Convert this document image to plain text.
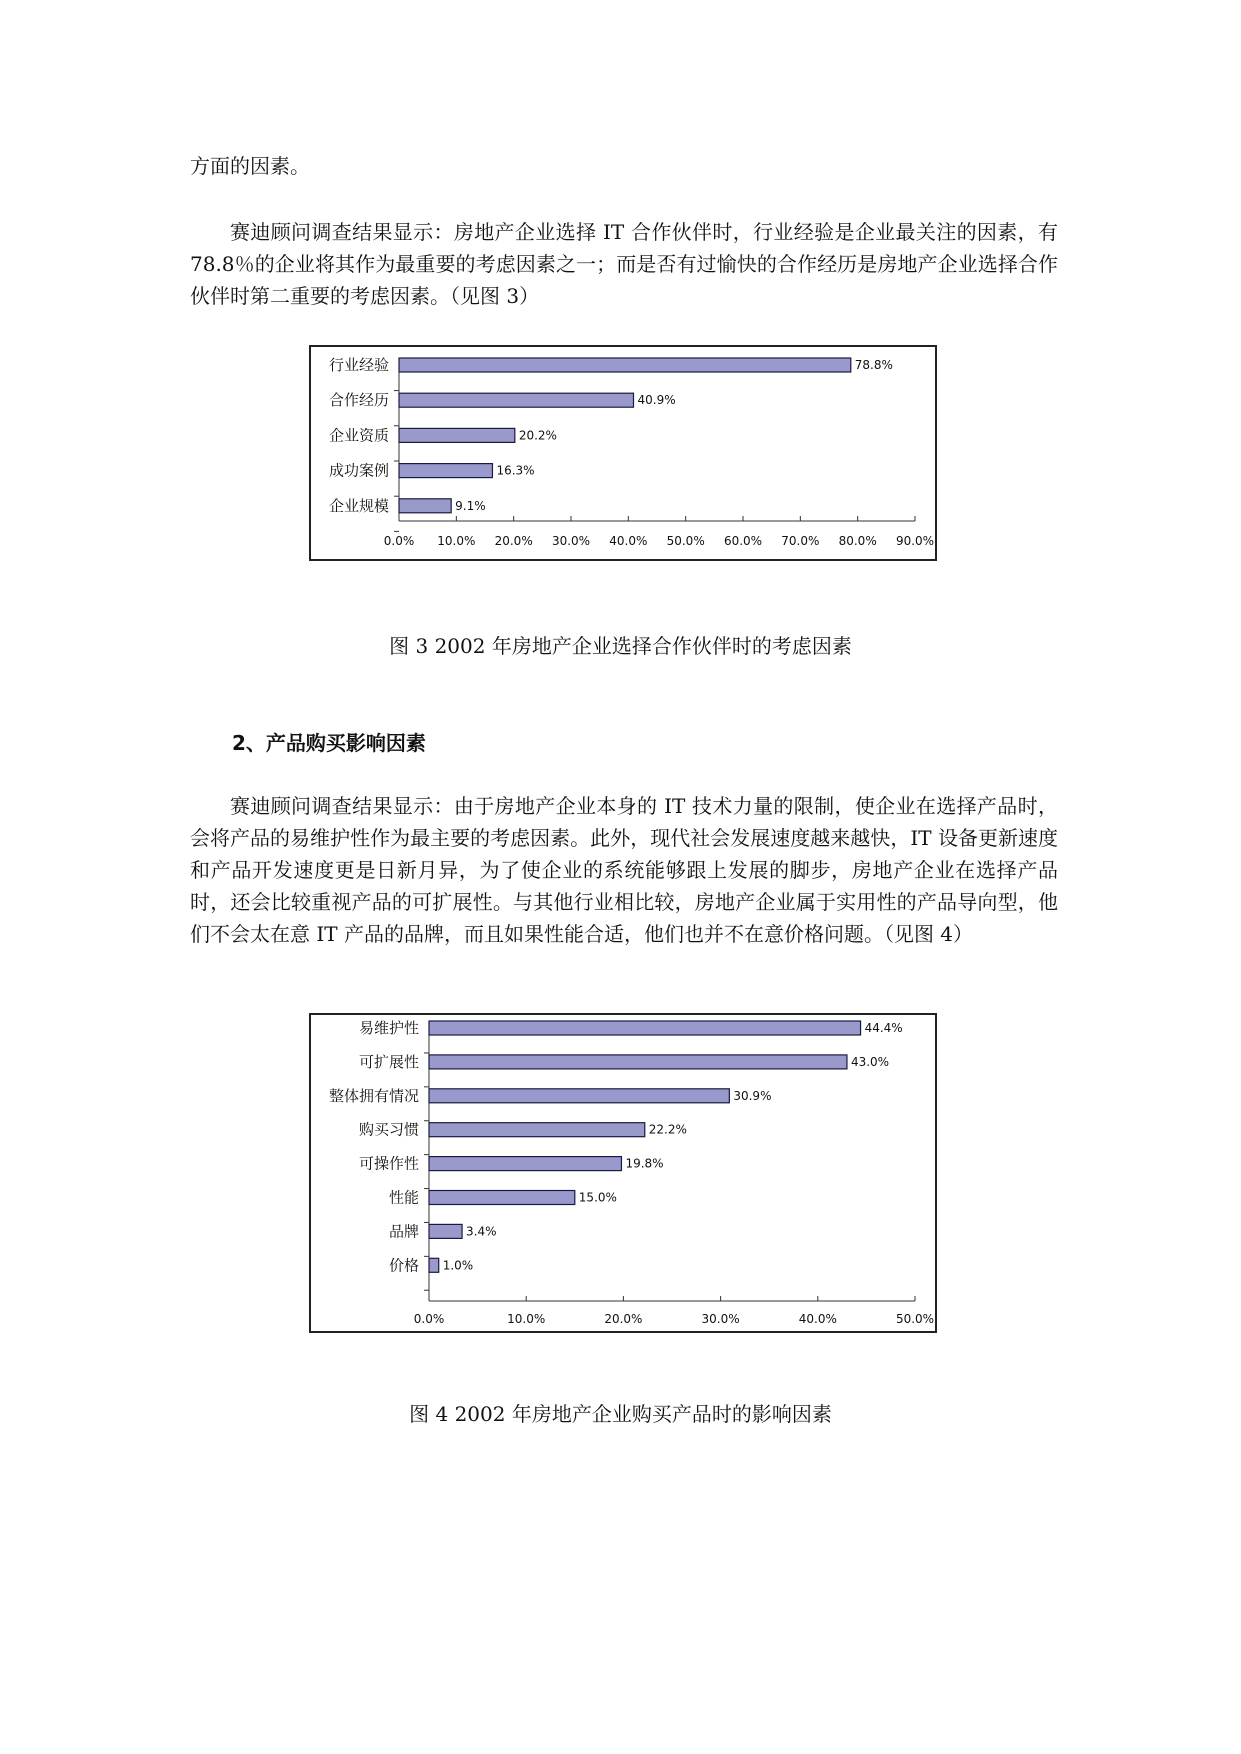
方面的因素。

赛迪顾问调查结果显示：房地产企业选择 IT 合作伙伴时，行业经验是企业最关注的因素，有 78.8％的企业将其作为最重要的考虑因素之一；而是否有过愉快的合作经历是房地产企业选择合作伙伴时第二重要的考虑因素。（见图 3）

0.0% 10.0% 20.0% 30.0% 40.0% 50.0% 60.0% 70.0% 80.0% 90.0%
行业经验	78.8%
合作经历	40.9%
企业资质	20.2%
成功案例	16.3%
企业规模	9.1%

图 3 2002 年房地产企业选择合作伙伴时的考虑因素

2、产品购买影响因素

赛迪顾问调查结果显示：由于房地产企业本身的 IT 技术力量的限制，使企业在选择产品时，会将产品的易维护性作为最主要的考虑因素。此外，现代社会发展速度越来越快，IT 设备更新速度和产品开发速度更是日新月异，为了使企业的系统能够跟上发展的脚步，房地产企业在选择产品时，还会比较重视产品的可扩展性。与其他行业相比较，房地产企业属于实用性的产品导向型，他们不会太在意 IT 产品的品牌，而且如果性能合适，他们也并不在意价格问题。（见图 4）

0.0%	10.0%	20.0%	30.0%	40.0%	50.0%
易维护性	44.4%
可扩展性	43.0%
整体拥有情况	30.9%
购买习惯	22.2%
可操作性	19.8%
性能	15.0%
品牌	3.4%
价格 1.0%

图 4 2002 年房地产企业购买产品时的影响因素
